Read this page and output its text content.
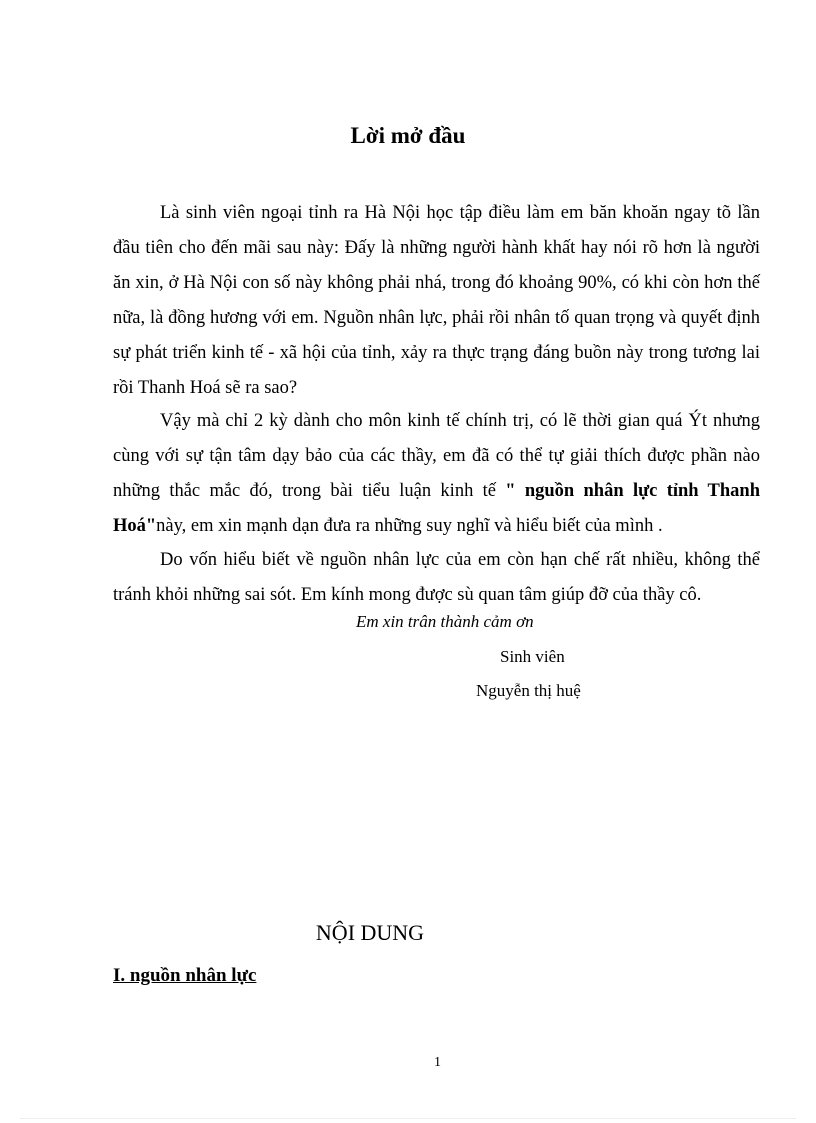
Lời mở đầu

Là sinh viên ngoại tỉnh ra Hà Nội học tập điều làm em băn khoăn ngay tõ lần đầu tiên cho đến mãi sau này: Đấy là những người hành khất hay nói rõ hơn là người ăn xin, ở Hà Nội con số này không phải nhá, trong đó khoảng 90%, có khi còn hơn thế nữa, là đồng hương với em. Nguồn nhân lực, phải rồi nhân tố quan trọng và quyết định sự phát triển kinh tế - xã hội của tỉnh, xảy ra thực trạng đáng buồn này trong tương lai rồi Thanh Hoá sẽ ra sao?

Vậy mà chỉ 2 kỳ dành cho môn kinh tế chính trị, có lẽ thời gian quá Ýt nhưng cùng với sự tận tâm dạy bảo của các thầy, em đã có thể tự giải thích được phần nào những thắc mắc đó, trong bài tiểu luận kinh tế " nguồn nhân lực tỉnh Thanh Hoá"này, em xin mạnh dạn đưa ra những suy nghĩ và hiểu biết của mình .

Do vốn hiểu biết về nguồn nhân lực của em còn hạn chế rất nhiều, không thể tránh khỏi những sai sót. Em kính mong được sù quan tâm giúp đỡ của thầy cô.

Em xin trân thành cảm ơn
Sinh viên
Nguyễn thị huệ
NỘI DUNG
I. nguồn nhân lực
1
